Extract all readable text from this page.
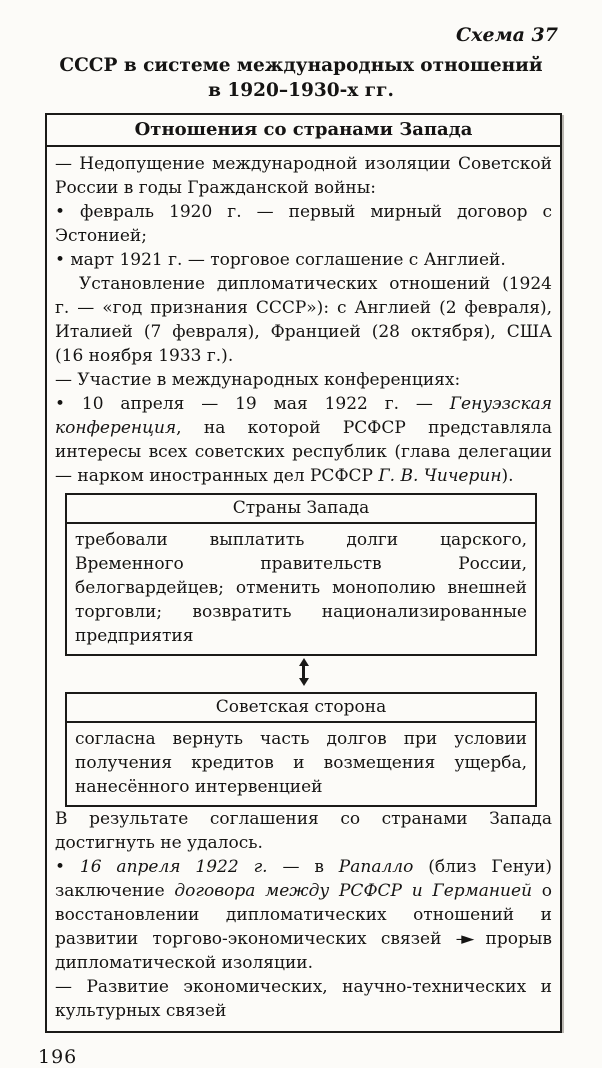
Схема 37
СССР в системе международных отношений
в 1920–1930-х гг.
Отношения со странами Запада

— Недопущение международной изоляции Советской России в годы Гражданской войны:

• февраль 1920 г. — первый мирный договор с Эстонией;

• март 1921 г. — торговое соглашение с Англией.

Установление дипломатических отношений (1924 г. — «год признания СССР»): с Англией (2 февраля), Италией (7 февраля), Францией (28 октября), США (16 ноября 1933 г.).

— Участие в международных конференциях:

• 10 апреля — 19 мая 1922 г. — Генуэзская конференция, на которой РСФСР представляла интересы всех советских республик (глава делегации — нарком иностранных дел РСФСР Г. В. Чичерин).

Страны Запада
требовали выплатить долги царского, Временного правительств России, белогвардейцев; отменить монополию внешней торговли; возвратить национализированные предприятия
Советская сторона
согласна вернуть часть долгов при условии получения кредитов и возмещения ущерба, нанесённого интервенцией

В результате соглашения со странами Запада достигнуть не удалось.

• 16 апреля 1922 г. — в Рапалло (близ Генуи) заключение договора между РСФСР и Германией о восстановлении дипломатических отношений и развитии торгово-экономических связей –► прорыв дипломатической изоляции.

— Развитие экономических, научно-технических и культурных связей

196
